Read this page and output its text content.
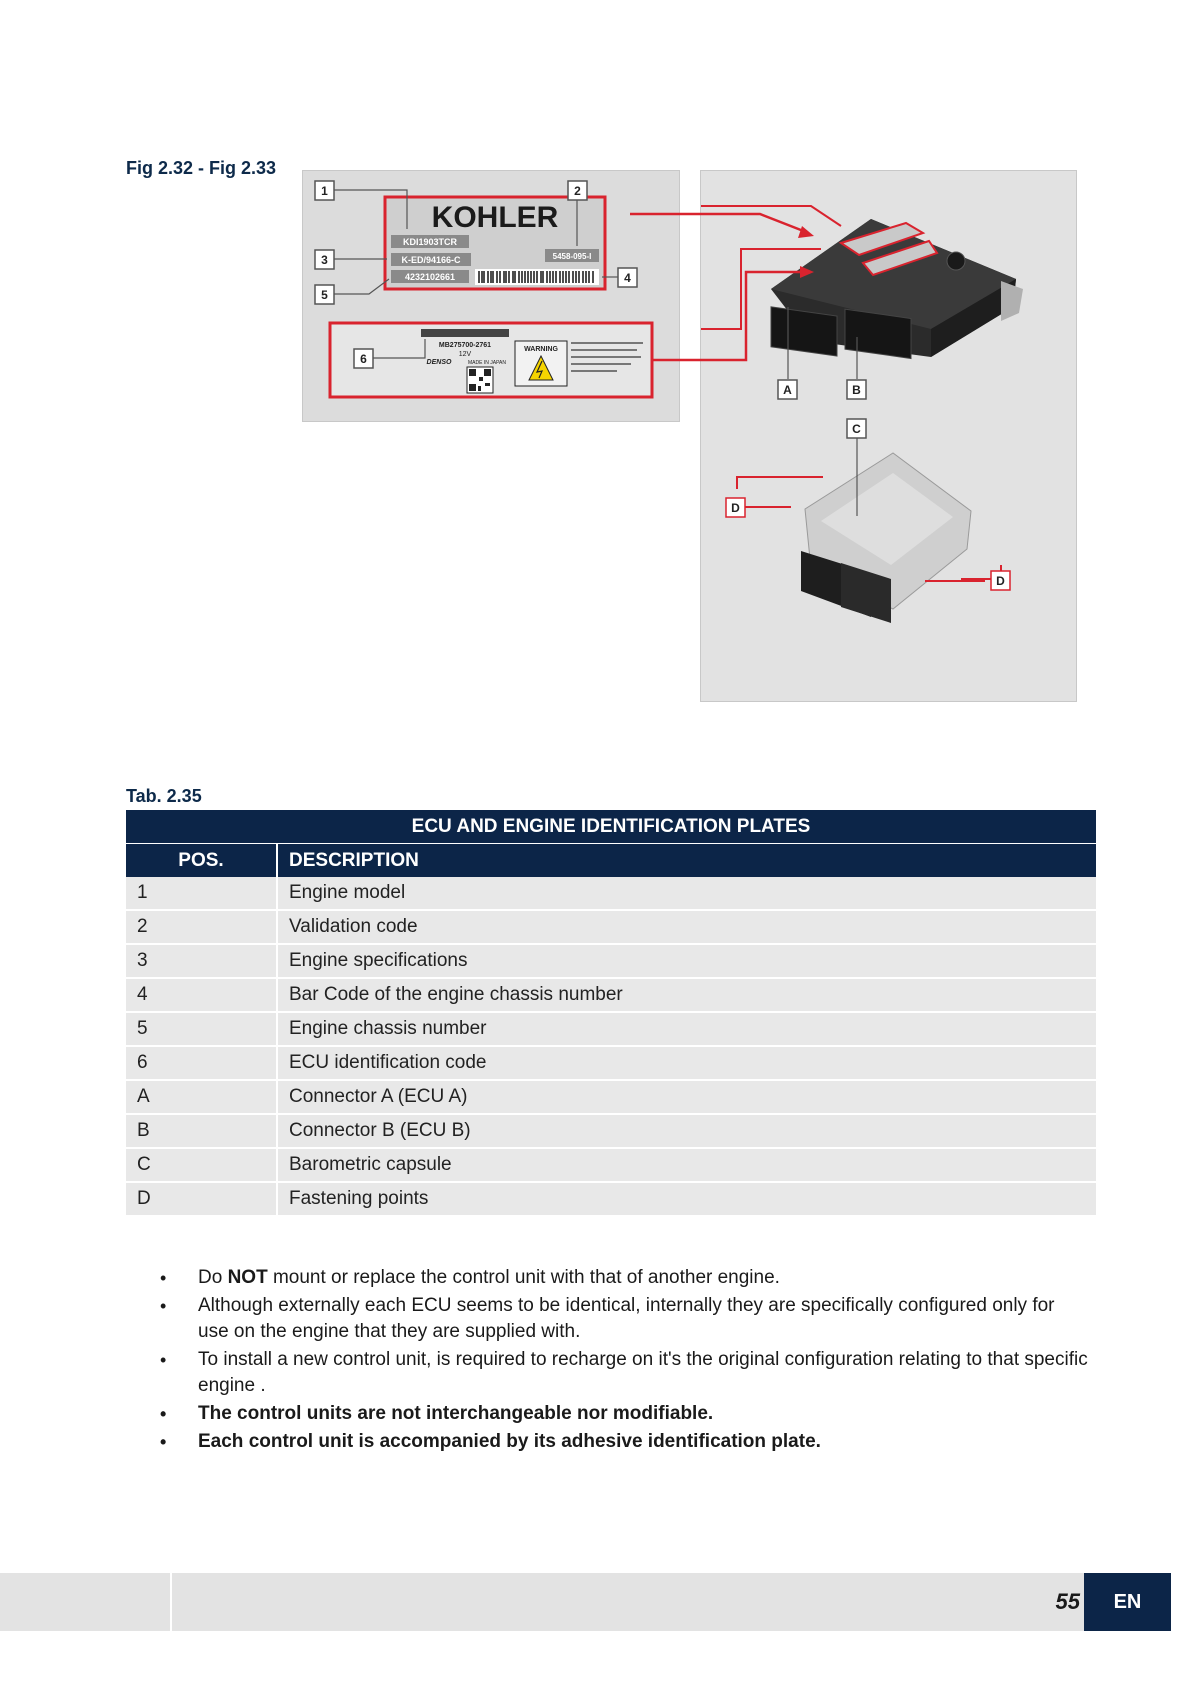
Fig 2.32 - Fig 2.33
KOHLER
KDI1903TCR
K-ED/94166-C	5458-095-I
4232102661
MB275700-2761
12V
DENSO	MADE IN JAPAN
WARNING
1	2
3
4
5
6
A	B
C
D
D
Tab. 2.35
ECU AND ENGINE IDENTIFICATION PLATES	
POS.	DESCRIPTION
1	Engine model
2	Validation code
3	Engine specifications
4	Bar Code of the engine chassis number
5	Engine chassis number
6	ECU identification code
A	Connector A (ECU A)
B	Connector B (ECU B)
C	Barometric capsule
D	Fastening points
• Do NOT mount or replace the control unit with that of another engine.
• Although externally each ECU seems to be identical, internally they are specifically configured only for use on the engine that they are supplied with.
• To install a new control unit, is required to recharge on it's the original configuration relating to that specific engine .
• The control units are not interchangeable nor modifiable.
• Each control unit is accompanied by its adhesive identification plate.
55	EN
